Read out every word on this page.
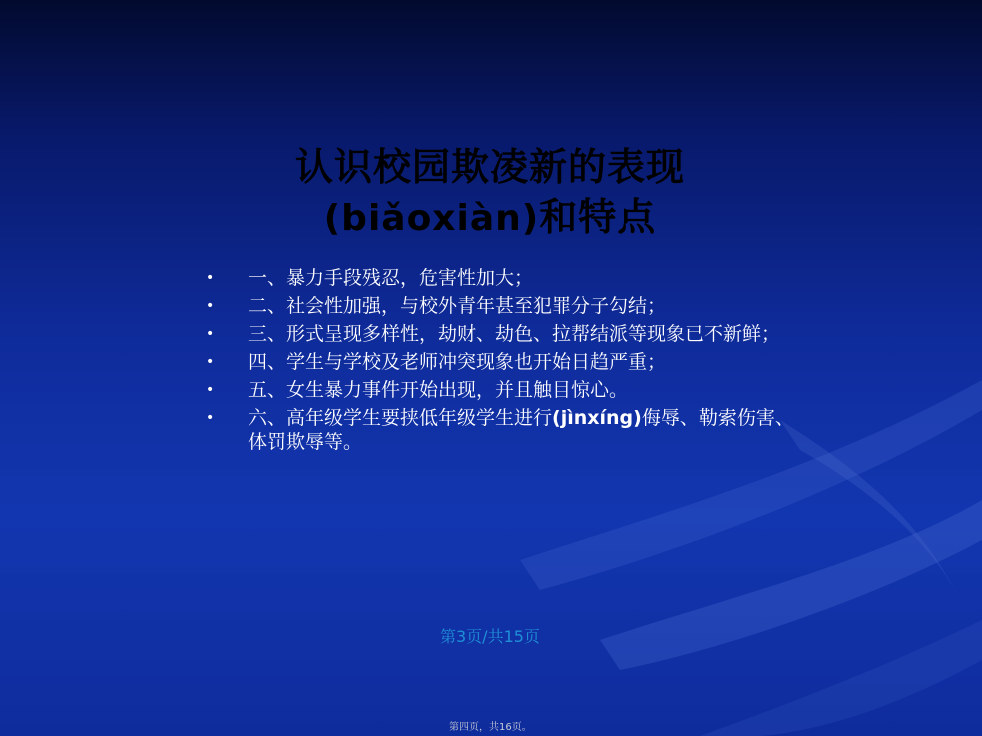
认识校园欺凌新的表现
(biǎoxiàn)和特点
•	一、暴力手段残忍，危害性加大；
•	二、社会性加强，与校外青年甚至犯罪分子勾结；
•	三、形式呈现多样性，劫财、劫色、拉帮结派等现象已不新鲜；
•	四、学生与学校及老师冲突现象也开始日趋严重；
•	五、女生暴力事件开始出现，并且触目惊心。
•	六、高年级学生要挟低年级学生进行(jìnxíng)侮辱、勒索伤害、体罚欺辱等。
第3页/共15页
第四页，共16页。
